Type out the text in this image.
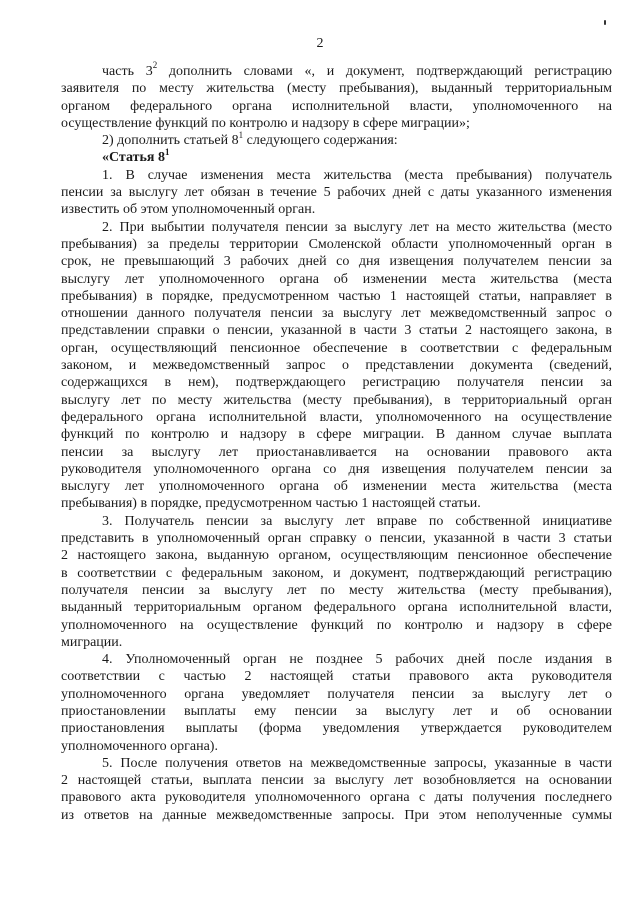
2
часть $3^2$ дополнить словами «, и документ, подтверждающий регистрацию
заявителя по месту жительства (месту пребывания), выданный территориальным
органом федерального органа исполнительной власти, уполномоченного на
осуществление функций по контролю и надзору в сфере миграции»;
2) дополнить статьей $8^1$ следующего содержания:
«Статья $8^1$
1. В случае изменения места жительства (места пребывания) получатель
пенсии за выслугу лет обязан в течение 5 рабочих дней с даты указанного изменения
известить об этом уполномоченный орган.
2. При выбытии получателя пенсии за выслугу лет на место жительства (место
пребывания) за пределы территории Смоленской области уполномоченный орган в
срок, не превышающий 3 рабочих дней со дня извещения получателем пенсии за
выслугу лет уполномоченного органа об изменении места жительства (места
пребывания) в порядке, предусмотренном частью 1 настоящей статьи, направляет в
отношении данного получателя пенсии за выслугу лет межведомственный запрос о
представлении справки о пенсии, указанной в части 3 статьи 2 настоящего закона, в
орган, осуществляющий пенсионное обеспечение в соответствии с федеральным
законом, и межведомственный запрос о представлении документа (сведений,
содержащихся в нем), подтверждающего регистрацию получателя пенсии за
выслугу лет по месту жительства (месту пребывания), в территориальный орган
федерального органа исполнительной власти, уполномоченного на осуществление
функций по контролю и надзору в сфере миграции. В данном случае выплата
пенсии за выслугу лет приостанавливается на основании правового акта
руководителя уполномоченного органа со дня извещения получателем пенсии за
выслугу лет уполномоченного органа об изменении места жительства (места
пребывания) в порядке, предусмотренном частью 1 настоящей статьи.
3. Получатель пенсии за выслугу лет вправе по собственной инициативе
представить в уполномоченный орган справку о пенсии, указанной в части 3 статьи
2 настоящего закона, выданную органом, осуществляющим пенсионное обеспечение
в соответствии с федеральным законом, и документ, подтверждающий регистрацию
получателя пенсии за выслугу лет по месту жительства (месту пребывания),
выданный территориальным органом федерального органа исполнительной власти,
уполномоченного на осуществление функций по контролю и надзору в сфере
миграции.
4. Уполномоченный орган не позднее 5 рабочих дней после издания в
соответствии с частью 2 настоящей статьи правового акта руководителя
уполномоченного органа уведомляет получателя пенсии за выслугу лет о
приостановлении выплаты ему пенсии за выслугу лет и об основании
приостановления выплаты (форма уведомления утверждается руководителем
уполномоченного органа).
5. После получения ответов на межведомственные запросы, указанные в части
2 настоящей статьи, выплата пенсии за выслугу лет возобновляется на основании
правового акта руководителя уполномоченного органа с даты получения последнего
из ответов на данные межведомственные запросы. При этом неполученные суммы
